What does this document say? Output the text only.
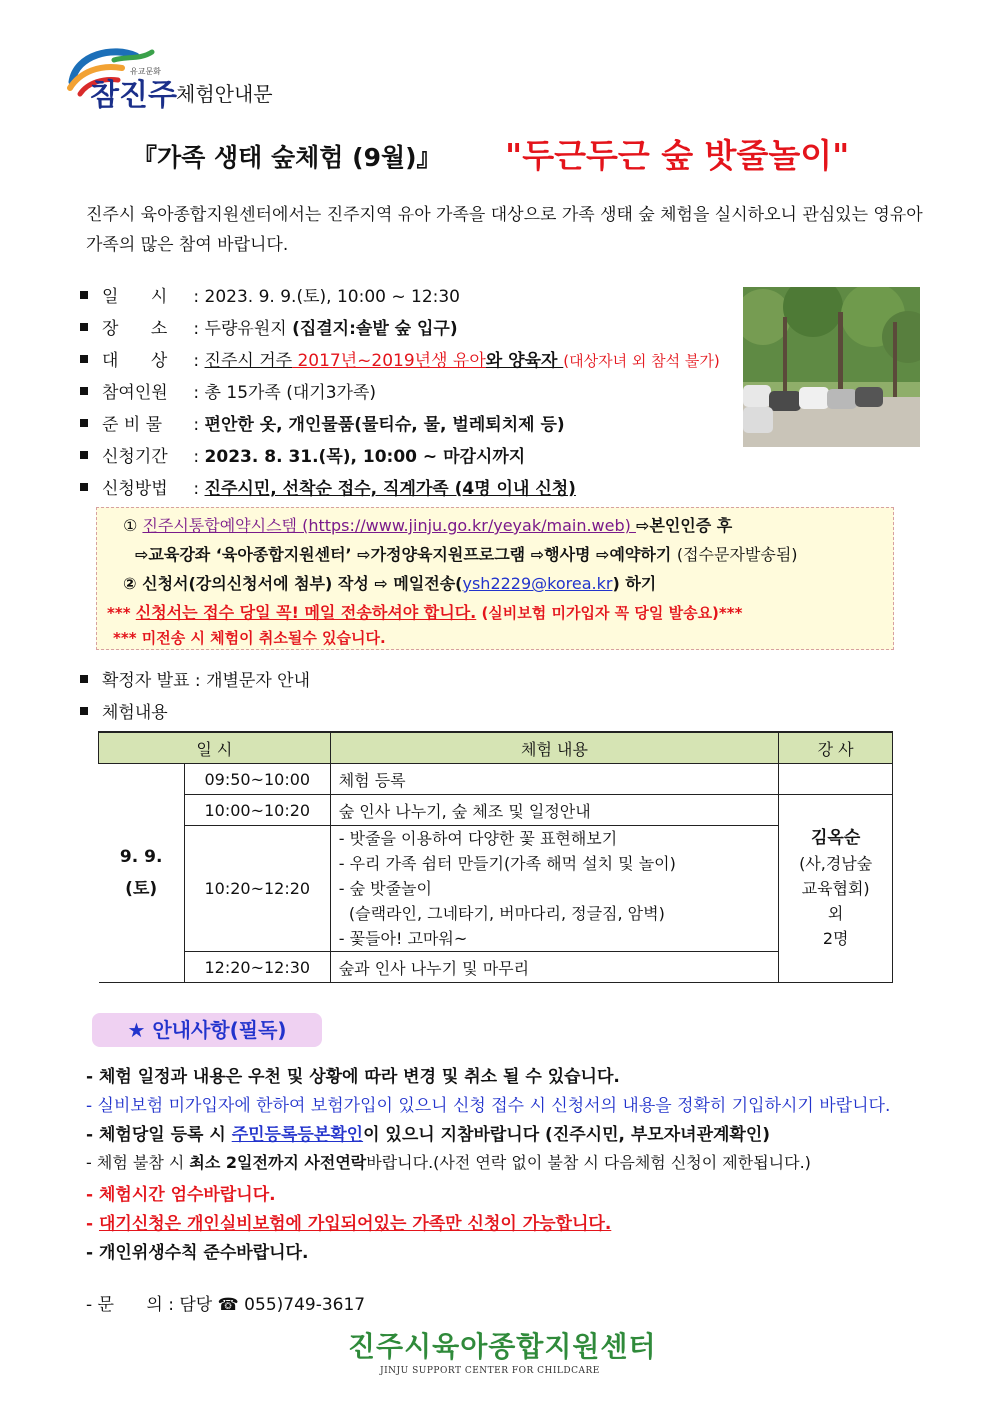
참진주
유교문화
체험안내문
『가족 생태 숲체험 (9월)』 "두근두근 숲 밧줄놀이"
진주시 육아종합지원센터에서는 진주지역 유아 가족을 대상으로 가족 생태 숲 체험을 실시하오니 관심있는 영유아 가족의 많은 참여 바랍니다.
일      시 : 2023. 9. 9.(토), 10:00 ~ 12:30
장      소 : 두량유원지 (집결지:솔밭 숲 입구)
대      상 : 진주시 거주 2017년~2019년생 유아와 양육자 (대상자녀 외 참석 불가)
참여인원 : 총 15가족 (대기3가족)
준 비 물 : 편안한 옷, 개인물품(물티슈, 물, 벌레퇴치제 등)
신청기간 : 2023. 8. 31.(목), 10:00 ~ 마감시까지
신청방법 : 진주시민, 선착순 접수, 직계가족 (4명 이내 신청)
① 진주시통합예약시스템 (https://www.jinju.go.kr/yeyak/main.web) ⇨본인인증 후
⇨교육강좌 ‘육아종합지원센터’ ⇨가정양육지원프로그램 ⇨행사명 ⇨예약하기 (접수문자발송됨)
② 신청서(강의신청서에 첨부) 작성 ⇨ 메일전송(ysh2229@korea.kr) 하기
*** 신청서는 접수 당일 꼭! 메일 전송하셔야 합니다. (실비보험 미가입자 꼭 당일 발송요)***
*** 미전송 시 체험이 취소될수 있습니다.
확정자 발표 : 개별문자 안내
체험내용
일 시		체험 내용	강 사

9. 9.
(토)	09:50~10:00	체험 등록	
	10:00~10:20	숲 인사 나누기, 숲 체조 및 일정안내	김옥순
(사,경남숲
교육협회)
외
2명

	10:20~12:20	- 밧줄을 이용하여 다양한 꽃 표현해보기
- 우리 가족 쉼터 만들기(가족 해먹 설치 및 놀이)
- 숲 밧줄놀이
(슬랙라인, 그네타기, 버마다리, 정글짐, 암벽)
- 꽃들아! 고마워~	

	12:20~12:30	숲과 인사 나누기 및 마무리	
★ 안내사항(필독)
- 체험 일정과 내용은 우천 및 상황에 따라 변경 및 취소 될 수 있습니다.
- 실비보험 미가입자에 한하여 보험가입이 있으니 신청 접수 시 신청서의 내용을 정확히 기입하시기 바랍니다.
- 체험당일 등록 시 주민등록등본확인이 있으니 지참바랍니다 (진주시민, 부모자녀관계확인)
- 체험 불참 시 최소 2일전까지 사전연락바랍니다.(사전 연락 없이 불참 시 다음체험 신청이 제한됩니다.)
- 체험시간 엄수바랍니다.
- 대기신청은 개인실비보험에 가입되어있는 가족만 신청이 가능합니다.
- 개인위생수칙 준수바랍니다.
- 문      의 : 담당 ☎ 055)749-3617
진주시육아종합지원센터
JINJU SUPPORT CENTER FOR CHILDCARE
